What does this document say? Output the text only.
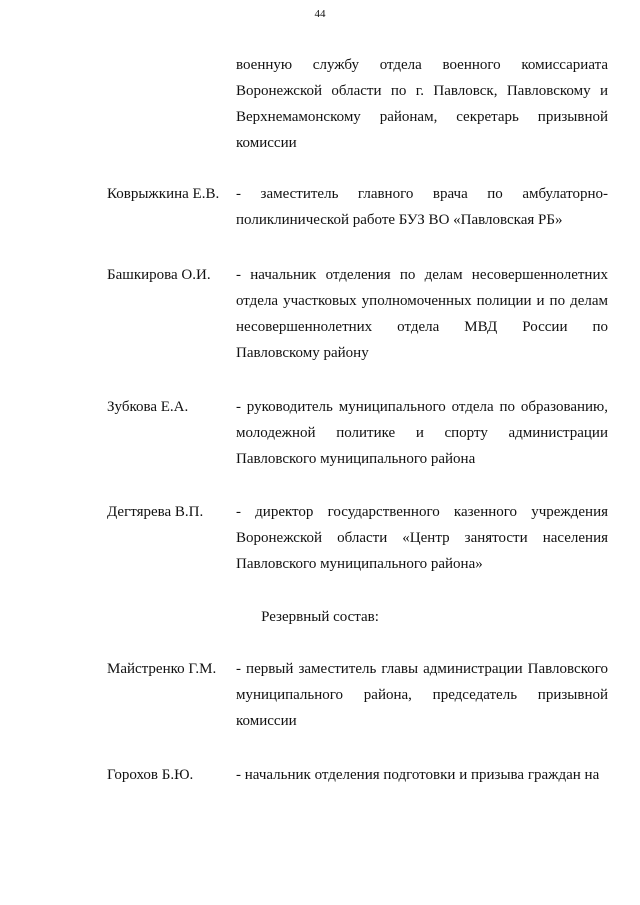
44
военную службу отдела военного комиссариата
Воронежской области по г. Павловск, Павловскому и
Верхнемамонскому районам, секретарь призывной
комиссии
Коврыжкина Е.В. - заместитель главного врача по амбулаторно-
поликлинической работе БУЗ ВО «Павловская РБ»
Башкирова О.И. - начальник отделения по делам несовершеннолетних
отдела участковых уполномоченных полиции и по делам
несовершеннолетних отдела МВД России по
Павловскому району
Зубкова Е.А.	- руководитель муниципального отдела по образованию,
молодежной политике и спорту администрации
Павловского муниципального района
Дегтярева В.П. - директор государственного казенного учреждения
Воронежской области «Центр занятости населения
Павловского муниципального района»
Резервный состав:
Майстренко Г.М. - первый заместитель главы администрации Павловского
муниципального района, председатель призывной
комиссии
Горохов Б.Ю.	- начальник отделения подготовки и призыва граждан на
